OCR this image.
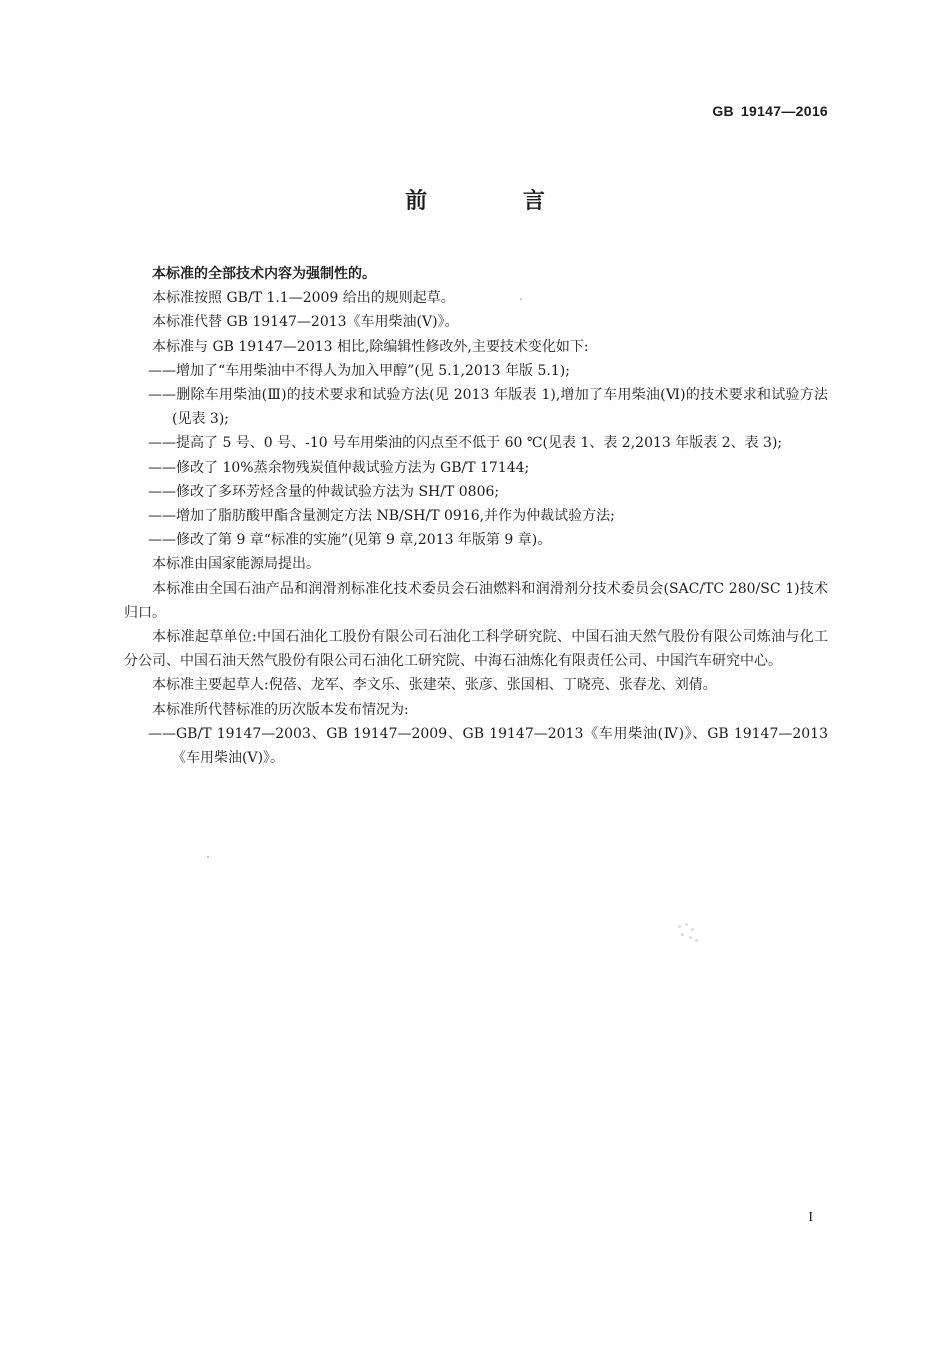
GB 19147—2016
前 言

本标准的全部技术内容为强制性的。

本标准按照 GB/T 1.1—2009 给出的规则起草。

本标准代替 GB 19147—2013《车用柴油(Ⅴ)》。

本标准与 GB 19147—2013 相比,除编辑性修改外,主要技术变化如下:

——增加了“车用柴油中不得人为加入甲醇”(见 5.1,2013 年版 5.1);

——删除车用柴油(Ⅲ)的技术要求和试验方法(见 2013 年版表 1),增加了车用柴油(Ⅵ)的技术要求和试验方法(见表 3);

——提高了 5 号、0 号、-10 号车用柴油的闪点至不低于 60 ℃(见表 1、表 2,2013 年版表 2、表 3);

——修改了 10%蒸余物残炭值仲裁试验方法为 GB/T 17144;

——修改了多环芳烃含量的仲裁试验方法为 SH/T 0806;

——增加了脂肪酸甲酯含量测定方法 NB/SH/T 0916,并作为仲裁试验方法;

——修改了第 9 章“标准的实施”(见第 9 章,2013 年版第 9 章)。

本标准由国家能源局提出。

本标准由全国石油产品和润滑剂标准化技术委员会石油燃料和润滑剂分技术委员会(SAC/TC 280/SC 1)技术归口。

本标准起草单位:中国石油化工股份有限公司石油化工科学研究院、中国石油天然气股份有限公司炼油与化工分公司、中国石油天然气股份有限公司石油化工研究院、中海石油炼化有限责任公司、中国汽车研究中心。

本标准主要起草人:倪蓓、龙军、李文乐、张建荣、张彦、张国相、丁晓亮、张春龙、刘倩。

本标准所代替标准的历次版本发布情况为:

——GB/T 19147—2003、GB 19147—2009、GB 19147—2013《车用柴油(Ⅳ)》、GB 19147—2013《车用柴油(Ⅴ)》。

I
